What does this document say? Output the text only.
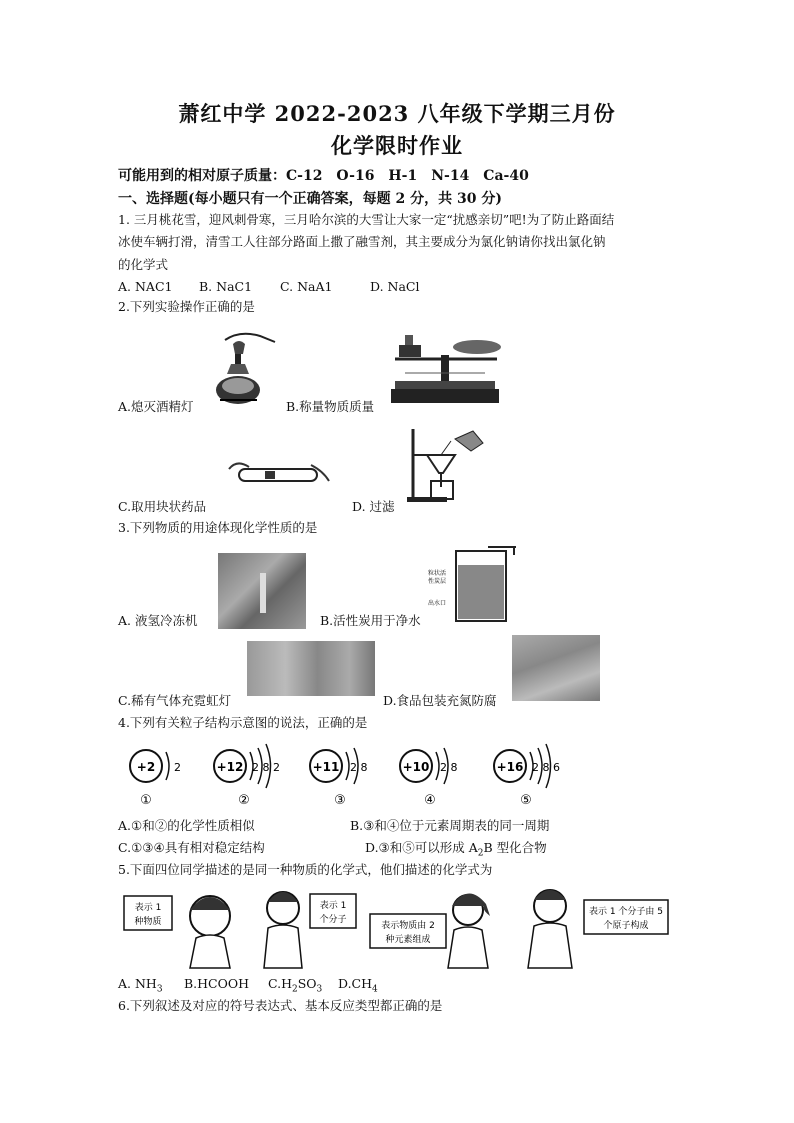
萧红中学 2022-2023 八年级下学期三月份
化学限时作业
可能用到的相对原子质量：C-12　O-16　H-1　N-14　Ca-40
一、选择题(每小题只有一个正确答案，每题 2 分，共 30 分)
1. 三月桃花雪，迎风刺骨寒，三月哈尔滨的大雪让大家一定“扰感亲切”吧!为了防止路面结
冰使车辆打滑，清雪工人往部分路面上撒了融雪剂，其主要成分为氯化钠请你找出氯化钠
的化学式
A. NAC1 B. NaC1 C. NaA1	D. NaCl
2.下列实验操作正确的是
A.熄灭酒精灯	B.称量物质质量
C.取用块状药品	D. 过滤
3.下列物质的用途体现化学性质的是
A. 液氢冷冻机
粒状活
性炭层
出水口
B.活性炭用于净水
C.稀有气体充霓虹灯	D.食品包装充氮防腐
4.下列有关粒子结构示意图的说法，正确的是
+2 2
①
+12 2 8 2
②
+11 2 8
③
+10 2 8
④
+16 2 8 6
⑤
A.①和②的化学性质相似	B.③和④位于元素周期表的同一周期
C.①③④具有相对稳定结构	D.③和⑤可以形成 $A_2B$ 型化合物
5.下面四位同学描述的是同一种物质的化学式，他们描述的化学式为
表示 1
种物质
表示 1
个分子
表示物质由 2
种元素组成
表示 1 个分子由 5
个原子构成
A. $NH_3$ B.HCOOH $C.H_2SO_3$ $D.CH_4$
6.下列叙述及对应的符号表达式、基本反应类型都正确的是
